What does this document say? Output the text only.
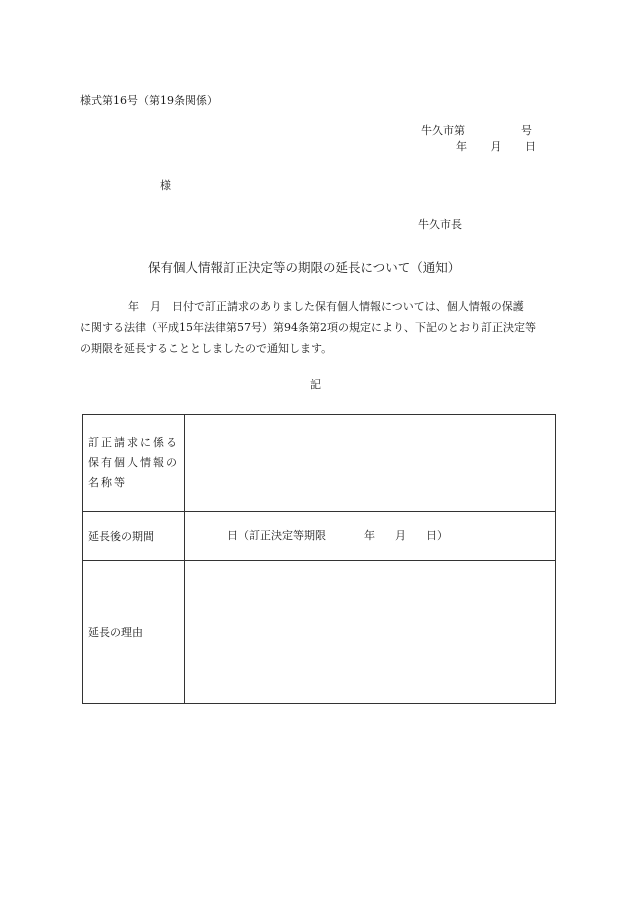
様式第16号（第19条関係）
牛久市第	号
年 月 日
様
牛久市長
保有個人情報訂正決定等の期限の延長について（通知）
年　月　日付で訂正請求のありました保有個人情報については、個人情報の保護
に関する法律（平成15年法律第57号）第94条第2項の規定により、下記のとおり訂正決定等
の期限を延長することとしましたので通知します。
記
訂正請求に係る保有個人情報の名称等
延長後の期間	日（訂正決定等期限	年 月 日）
延長の理由
